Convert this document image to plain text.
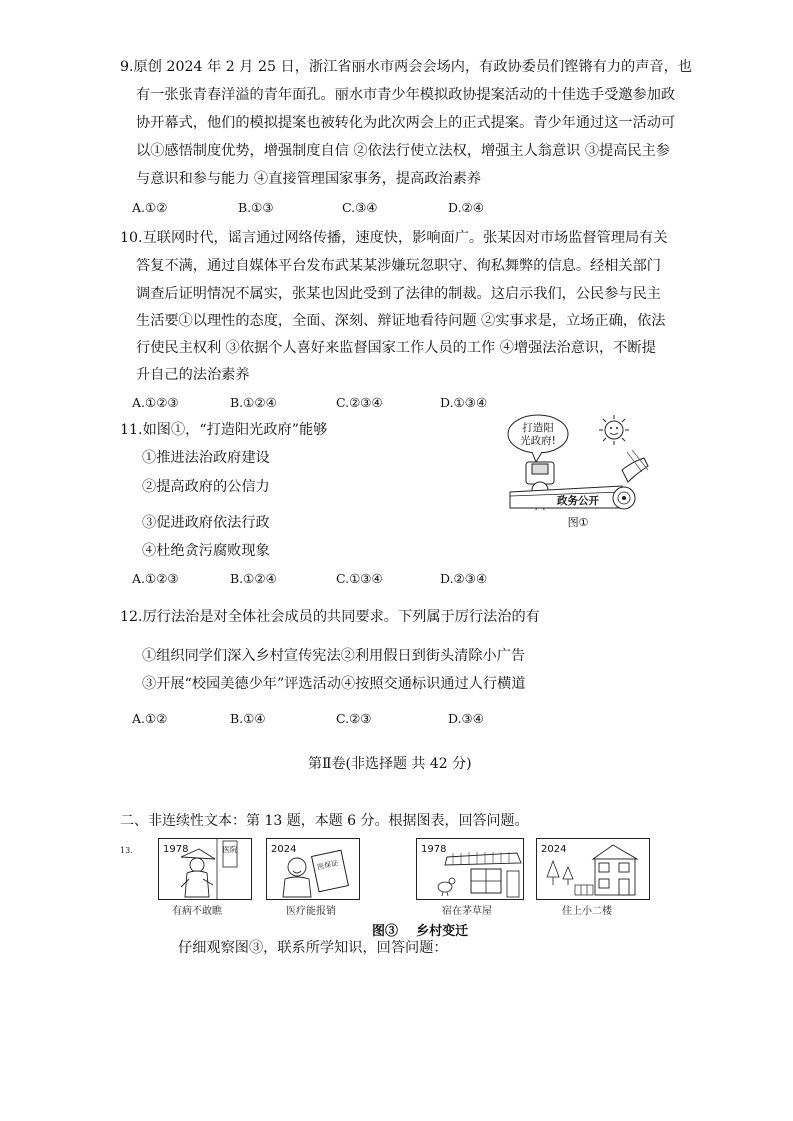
9.原创 2024 年 2 月 25 日，浙江省丽水市两会会场内，有政协委员们铿锵有力的声音，也
有一张张青春洋溢的青年面孔。丽水市青少年模拟政协提案活动的十佳选手受邀参加政
协开幕式，他们的模拟提案也被转化为此次两会上的正式提案。青少年通过这一活动可
以①感悟制度优势，增强制度自信 ②依法行使立法权，增强主人翁意识 ③提高民主参
与意识和参与能力 ④直接管理国家事务，提高政治素养
A.①②	B.①③	C.③④	D.②④
10.互联网时代，谣言通过网络传播，速度快，影响面广。张某因对市场监督管理局有关
答复不满，通过自媒体平台发布武某某涉嫌玩忽职守、徇私舞弊的信息。经相关部门
调查后证明情况不属实，张某也因此受到了法律的制裁。这启示我们，公民参与民主
生活要①以理性的态度，全面、深刻、辩证地看待问题 ②实事求是，立场正确，依法
行使民主权利 ③依据个人喜好来监督国家工作人员的工作 ④增强法治意识，不断提
升自己的法治素养
A.①②③	B.①②④	C.②③④	D.①③④
11.如图①，“打造阳光政府”能够
①推进法治政府建设
②提高政府的公信力
③促进政府依法行政
④杜绝贪污腐败现象
A.①②③	B.①②④	C.①③④	D.②③④
打造阳
光政府!
政务公开
图①
12.厉行法治是对全体社会成员的共同要求。下列属于厉行法治的有
①组织同学们深入乡村宣传宪法②利用假日到街头清除小广告
③开展“校园美德少年”评选活动④按照交通标识通过人行横道
A.①②	B.①④	C.②③	D.③④
第Ⅱ卷(非选择题 共 42 分)
二、非连续性文本：第 13 题，本题 6 分。根据图表，回答问题。
13.	1978	医院	2024
医保证
1978	2024
有病不敢瞧	医疗能报销	宿在茅草屋	住上小二楼
图③    乡村变迁
仔细观察图③，联系所学知识，回答问题：
